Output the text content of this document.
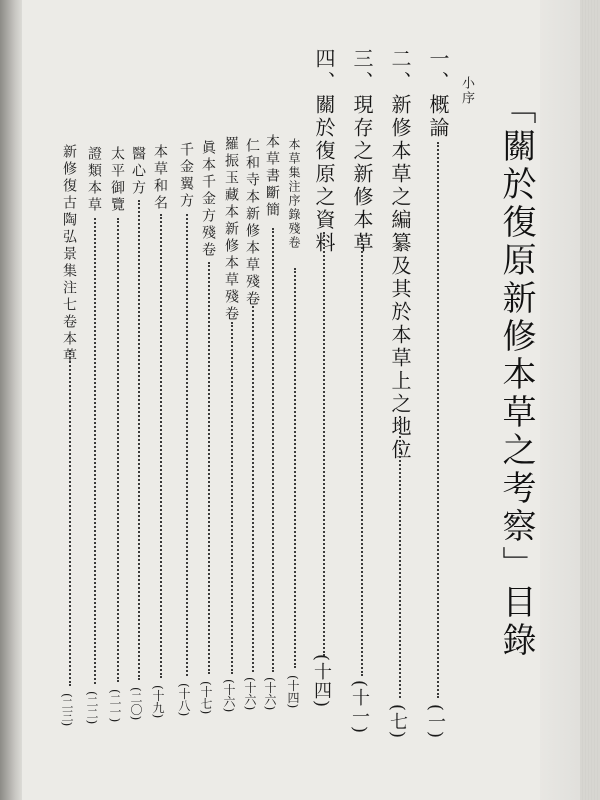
「關於復原新修本草之考察」目錄
小序
一、概論
(一)
二、新修本草之編纂及其於本草上之地位
(七)
三、現存之新修本草
(十一)
四、關於復原之資料
(十四)
本草集注序錄殘卷
(十四)
本草書斷簡
(十六)
仁和寺本新修本草殘卷
(十六)
羅振玉藏本新修本草殘卷
(十六)
眞本千金方殘卷
(十七)
千金翼方
(十八)
本草和名
(十九)
醫心方
(二〇)
太平御覽
(二一)
證類本草
(二二)
新修復古陶弘景集注七卷本草
(二三)
